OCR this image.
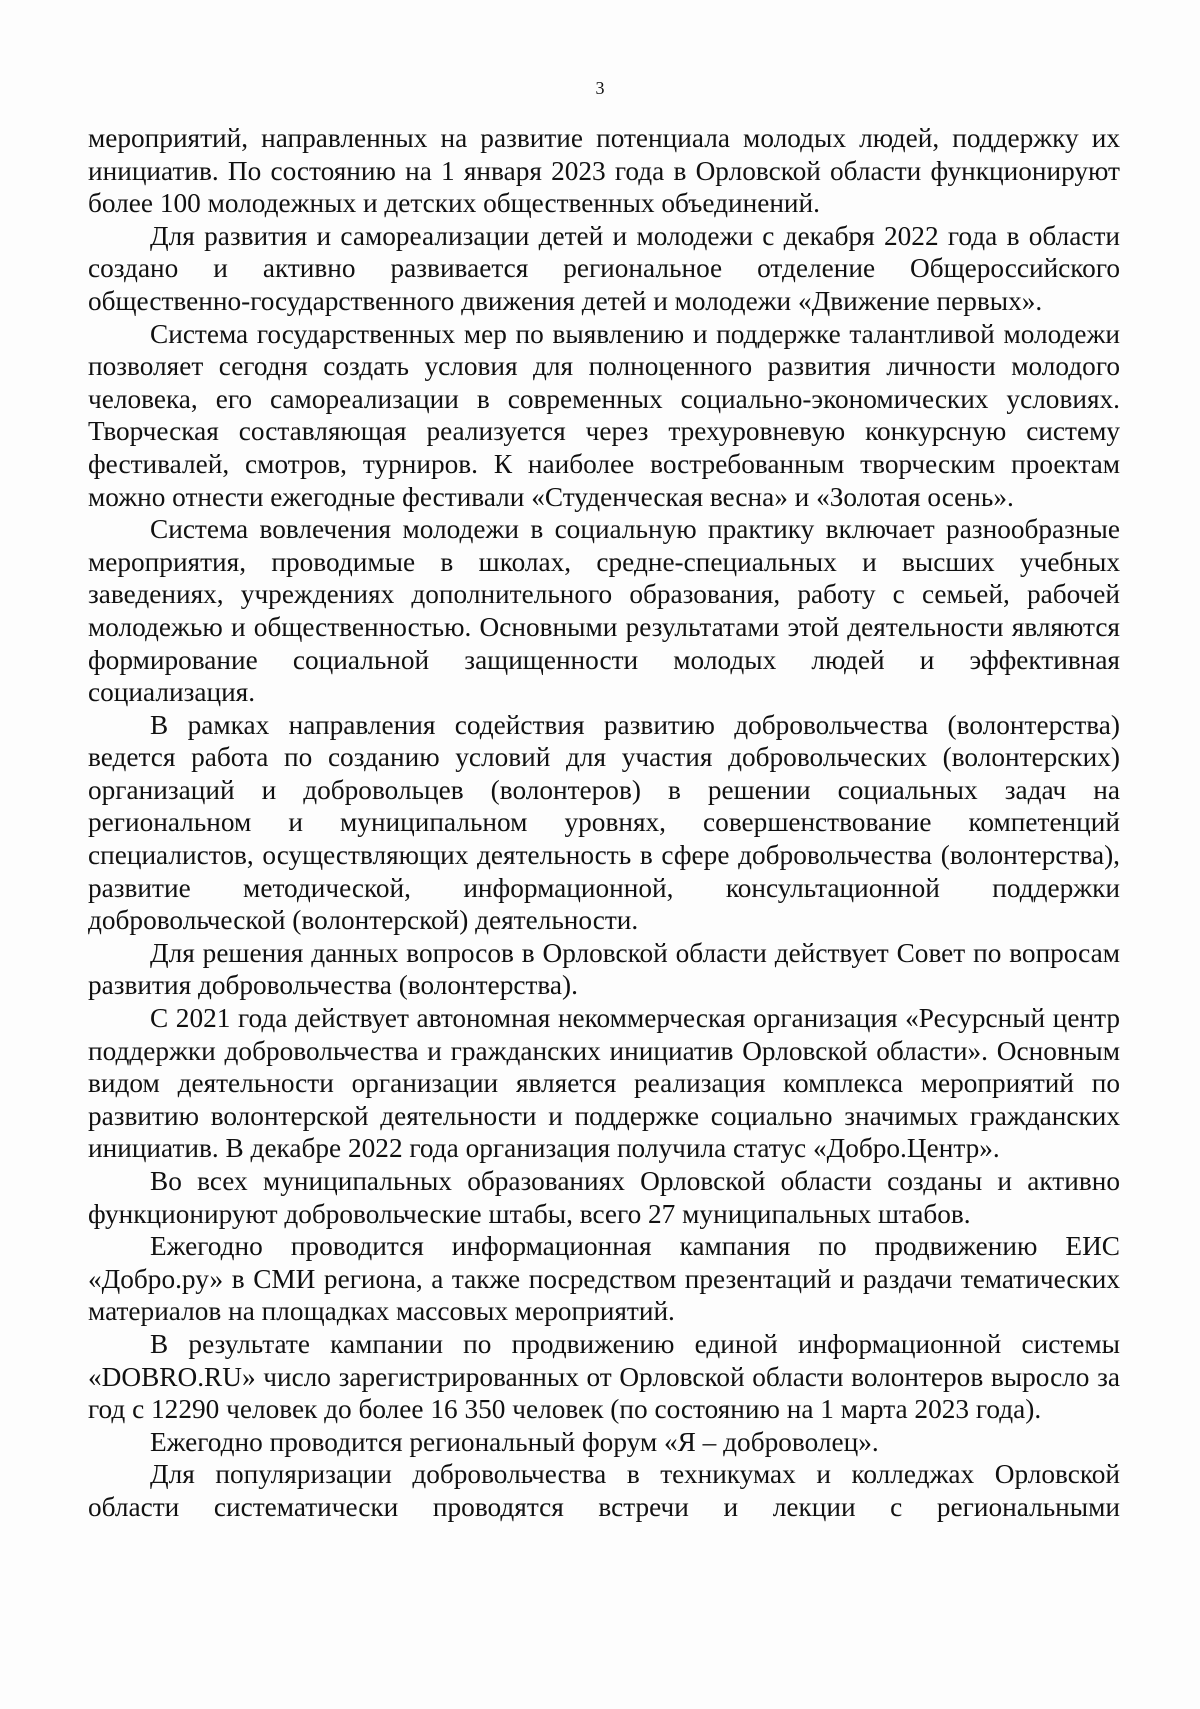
3

мероприятий, направленных на развитие потенциала молодых людей, поддержку их инициатив. По состоянию на 1 января 2023 года в Орловской области функционируют более 100 молодежных и детских общественных объединений.

Для развития и самореализации детей и молодежи с декабря 2022 года в области создано и активно развивается региональное отделение Общероссийского общественно-государственного движения детей и молодежи «Движение первых».

Система государственных мер по выявлению и поддержке талантливой молодежи позволяет сегодня создать условия для полноценного развития личности молодого человека, его самореализации в современных социально-экономических условиях. Творческая составляющая реализуется через трехуровневую конкурсную систему фестивалей, смотров, турниров. К наиболее востребованным творческим проектам можно отнести ежегодные фестивали «Студенческая весна» и «Золотая осень».

Система вовлечения молодежи в социальную практику включает разнообразные мероприятия, проводимые в школах, средне-специальных и высших учебных заведениях, учреждениях дополнительного образования, работу с семьей, рабочей молодежью и общественностью. Основными результатами этой деятельности являются формирование социальной защищенности молодых людей и эффективная социализация.

В рамках направления содействия развитию добровольчества (волонтерства) ведется работа по созданию условий для участия добровольческих (волонтерских) организаций и добровольцев (волонтеров) в решении социальных задач на региональном и муниципальном уровнях, совершенствование компетенций специалистов, осуществляющих деятельность в сфере добровольчества (волонтерства), развитие методической, информационной, консультационной поддержки добровольческой (волонтерской) деятельности.

Для решения данных вопросов в Орловской области действует Совет по вопросам развития добровольчества (волонтерства).

С 2021 года действует автономная некоммерческая организация «Ресурсный центр поддержки добровольчества и гражданских инициатив Орловской области». Основным видом деятельности организации является реализация комплекса мероприятий по развитию волонтерской деятельности и поддержке социально значимых гражданских инициатив. В декабре 2022 года организация получила статус «Добро.Центр».

Во всех муниципальных образованиях Орловской области созданы и активно функционируют добровольческие штабы, всего 27 муниципальных штабов.

Ежегодно проводится информационная кампания по продвижению ЕИС «Добро.ру» в СМИ региона, а также посредством презентаций и раздачи тематических материалов на площадках массовых мероприятий.

В результате кампании по продвижению единой информационной системы «DOBRO.RU» число зарегистрированных от Орловской области волонтеров выросло за год с 12290 человек до более 16 350 человек (по состоянию на 1 марта 2023 года).

Ежегодно проводится региональный форум «Я – доброволец».

Для популяризации добровольчества в техникумах и колледжах Орловской области систематически проводятся встречи и лекции с региональными
